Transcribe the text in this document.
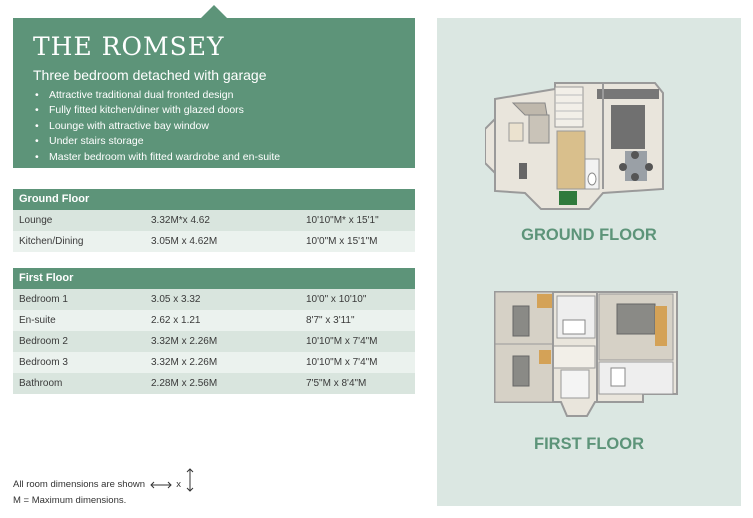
THE ROMSEY
Three bedroom detached with garage
• Attractive traditional dual fronted design
• Fully fitted kitchen/diner with glazed doors
• Lounge with attractive bay window
• Under stairs storage
• Master bedroom with fitted wardrobe and en-suite
Ground Floor
Lounge	3.32M*x 4.62	10'10"M* x 15'1"
Kitchen/Dining	3.05M x 4.62M	10'0"M x 15'1"M
First Floor
Bedroom 1	3.05 x 3.32	10'0" x 10'10"
En-suite	2.62 x 1.21	8'7" x 3'11"
Bedroom 2	3.32M x 2.26M	10'10"M x 7'4"M
Bedroom 3	3.32M x 2.26M	10'10"M x 7'4"M
Bathroom	2.28M x 2.56M	7'5"M x 8'4"M
All room dimensions are shown	x
M = Maximum dimensions.
GROUND FLOOR
FIRST FLOOR
